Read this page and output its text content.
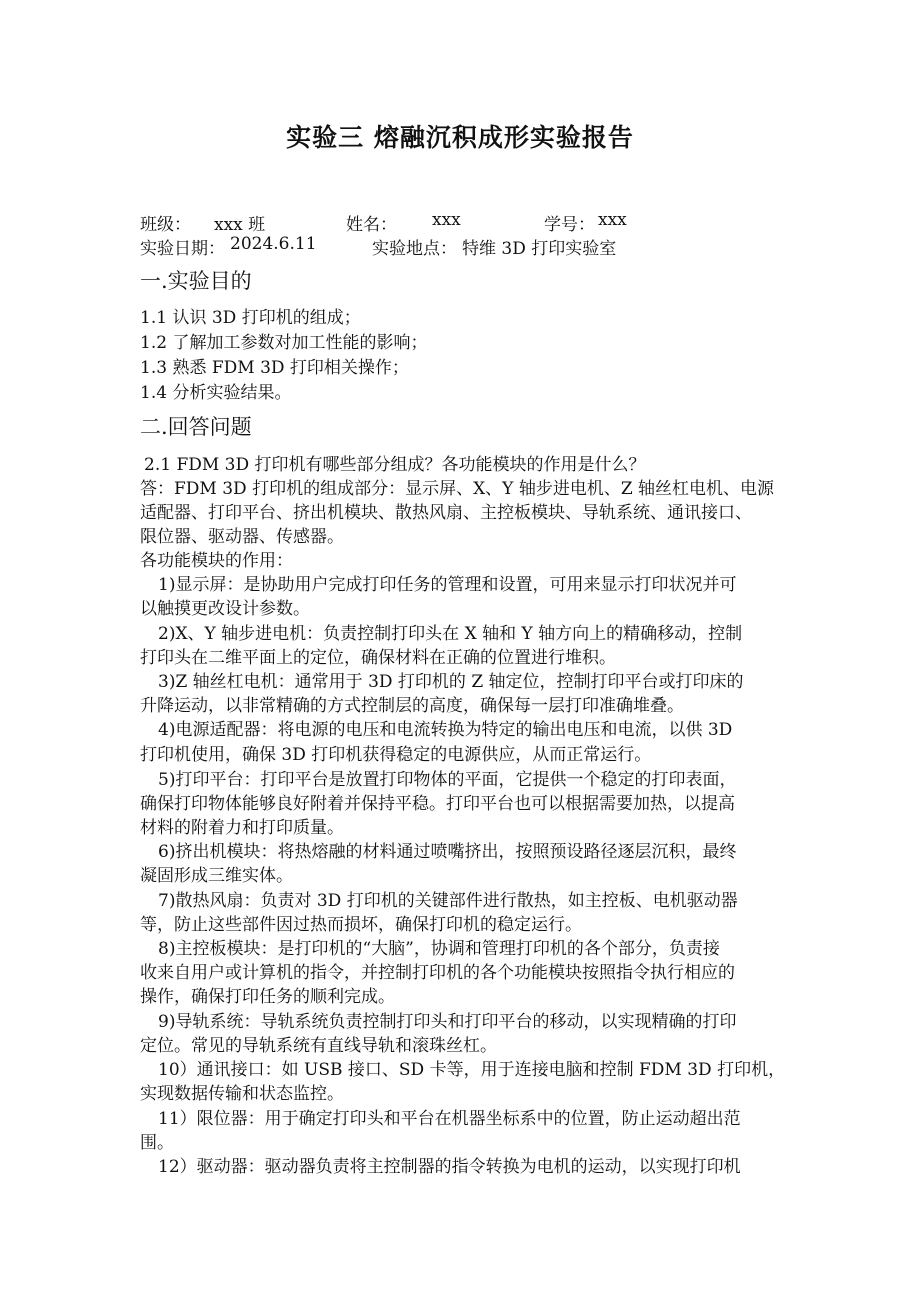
实验三 熔融沉积成形实验报告
班级： xxx 班	姓名： xxx	学号： xxx
实验日期： 2024.6.11	实验地点： 特维 3D 打印实验室
一.实验目的
1.1 认识 3D 打印机的组成；
1.2 了解加工参数对加工性能的影响；
1.3 熟悉 FDM 3D 打印相关操作；
1.4 分析实验结果。
二.回答问题
2.1 FDM 3D 打印机有哪些部分组成？各功能模块的作用是什么？
答：FDM 3D 打印机的组成部分：显示屏、X、Y 轴步进电机、Z 轴丝杠电机、电源
适配器、打印平台、挤出机模块、散热风扇、主控板模块、导轨系统、通讯接口、
限位器、驱动器、传感器。
各功能模块的作用：
1)显示屏：是协助用户完成打印任务的管理和设置，可用来显示打印状况并可
以触摸更改设计参数。
2)X、Y 轴步进电机：负责控制打印头在 X 轴和 Y 轴方向上的精确移动，控制
打印头在二维平面上的定位，确保材料在正确的位置进行堆积。
3)Z 轴丝杠电机：通常用于 3D 打印机的 Z 轴定位，控制打印平台或打印床的
升降运动，以非常精确的方式控制层的高度，确保每一层打印准确堆叠。
4)电源适配器：将电源的电压和电流转换为特定的输出电压和电流，以供 3D
打印机使用，确保 3D 打印机获得稳定的电源供应，从而正常运行。
5)打印平台：打印平台是放置打印物体的平面，它提供一个稳定的打印表面，
确保打印物体能够良好附着并保持平稳。打印平台也可以根据需要加热，以提高
材料的附着力和打印质量。
6)挤出机模块：将热熔融的材料通过喷嘴挤出，按照预设路径逐层沉积，最终
凝固形成三维实体。
7)散热风扇：负责对 3D 打印机的关键部件进行散热，如主控板、电机驱动器
等，防止这些部件因过热而损坏，确保打印机的稳定运行。
8)主控板模块：是打印机的“大脑”，协调和管理打印机的各个部分，负责接
收来自用户或计算机的指令，并控制打印机的各个功能模块按照指令执行相应的
操作，确保打印任务的顺利完成。
9)导轨系统：导轨系统负责控制打印头和打印平台的移动，以实现精确的打印
定位。常见的导轨系统有直线导轨和滚珠丝杠。
10）通讯接口：如 USB 接口、SD 卡等，用于连接电脑和控制 FDM 3D 打印机，
实现数据传输和状态监控。
11）限位器：用于确定打印头和平台在机器坐标系中的位置，防止运动超出范
围。
12）驱动器：驱动器负责将主控制器的指令转换为电机的运动，以实现打印机
